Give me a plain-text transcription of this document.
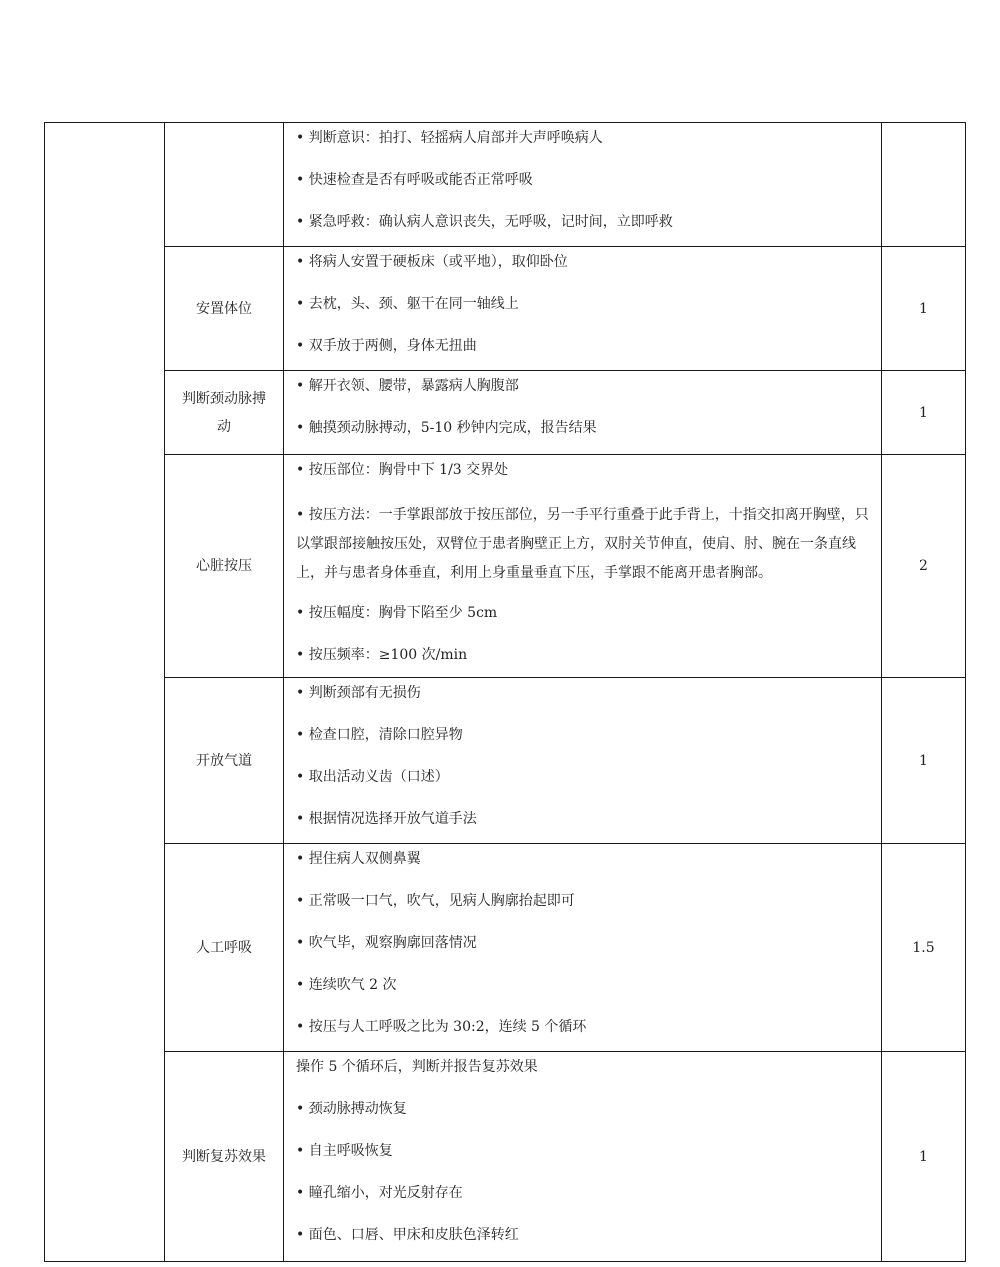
		• 判断意识：拍打、轻摇病人肩部并大声呼唤病人
• 快速检查是否有呼吸或能否正常呼吸
• 紧急呼救：确认病人意识丧失，无呼吸，记时间，立即呼救	

	安置体位	• 将病人安置于硬板床（或平地），取仰卧位
• 去枕，头、颈、躯干在同一轴线上
• 双手放于两侧，身体无扭曲	1
	判断颈动脉搏动	• 解开衣领、腰带，暴露病人胸腹部
• 触摸颈动脉搏动，5-10 秒钟内完成，报告结果	1
	心脏按压	• 按压部位：胸骨中下 1/3 交界处
• 按压方法：一手掌跟部放于按压部位，另一手平行重叠于此手背上，十指交扣离开胸壁，只以掌跟部接触按压处，双臂位于患者胸壁正上方，双肘关节伸直，使肩、肘、腕在一条直线上，并与患者身体垂直，利用上身重量垂直下压，手掌跟不能离开患者胸部。
• 按压幅度：胸骨下陷至少 5cm
• 按压频率：≥100 次/min	2
	开放气道	• 判断颈部有无损伤
• 检查口腔，清除口腔异物
• 取出活动义齿（口述）
• 根据情况选择开放气道手法	1
	人工呼吸	• 捏住病人双侧鼻翼
• 正常吸一口气，吹气，见病人胸廓抬起即可
• 吹气毕，观察胸廓回落情况
• 连续吹气 2 次
• 按压与人工呼吸之比为 30:2，连续 5 个循环	1.5
	判断复苏效果	操作 5 个循环后，判断并报告复苏效果
• 颈动脉搏动恢复
• 自主呼吸恢复
• 瞳孔缩小，对光反射存在
• 面色、口唇、甲床和皮肤色泽转红	1
